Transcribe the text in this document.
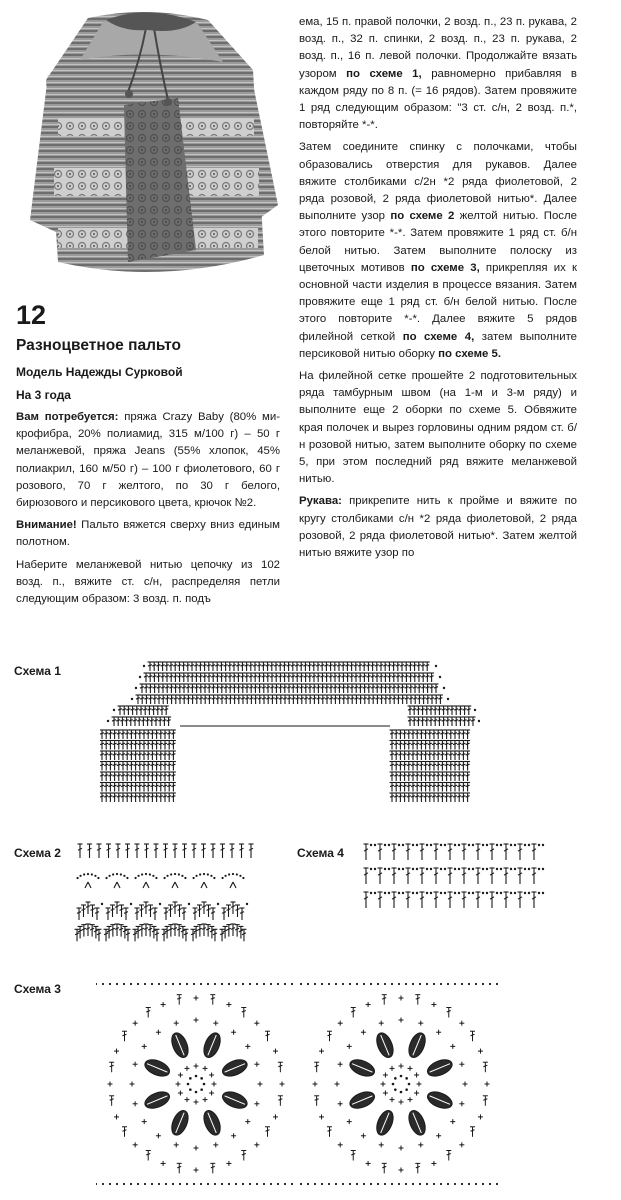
12
Разноцветное пальто
Модель Надежды Сурковой
На 3 года

Вам потребуется: пряжа Crazy Baby (80% микрофибра, 20% полиамид, 315 м/100 г) – 50 г меланжевой, пряжа Jeans (55% хлопок, 45% полиакрил, 160 м/50 г) – 100 г фиолетового, 60 г розового, 70 г желтого, по 30 г белого, бирюзового и персикового цвета, крючок №2.

Внимание! Пальто вяжется сверху вниз единым полотном.

Наберите меланжевой нитью цепочку из 102 возд. п., вяжите ст. с/н, распределяя петли следующим образом: 3 возд. п. подъ

ема, 15 п. правой полочки, 2 возд. п., 23 п. рукава, 2 возд. п., 32 п. спинки, 2 возд. п., 23 п. рукава, 2 возд. п., 16 п. левой полочки. Продолжайте вязать узором по схеме 1, равномерно прибавляя в каждом ряду по 8 п. (= 16 рядов). Затем провяжите 1 ряд следующим образом: "3 ст. с/н, 2 возд. п.*, повторяйте *-*.

Затем соедините спинку с полочками, чтобы образовались отверстия для рукавов. Далее вяжите столбиками с/2н *2 ряда фиолетовой, 2 ряда розовой, 2 ряда фиолетовой нитью*. Далее выполните узор по схеме 2 желтой нитью. После этого повторите *-*. Затем провяжите 1 ряд ст. б/н белой нитью. Затем выполните полоску из цветочных мотивов по схеме 3, прикрепляя их к основной части изделия в процессе вязания. Затем провяжите еще 1 ряд ст. б/н белой нитью. После этого повторите *-*. Далее вяжите 5 рядов филейной сеткой по схеме 4, затем выполните персиковой нитью оборку по схеме 5.

На филейной сетке прошейте 2 подготовительных ряда тамбурным швом (на 1-м и 3-м ряду) и выполните еще 2 оборки по схеме 5. Обвяжите края полочек и вырез горловины одним рядом ст. б/н розовой нитью, затем выполните оборку по схеме 5, при этом последний ряд вяжите меланжевой нитью.

Рукава: прикрепите нить к пройме и вяжите по кругу столбиками с/н *2 ряда фиолетовой, 2 ряда розовой, 2 ряда фиолетовой нитью*. Затем желтой нитью вяжите узор по

Схема 1
Схема 2	Схема 4
Схема 3
